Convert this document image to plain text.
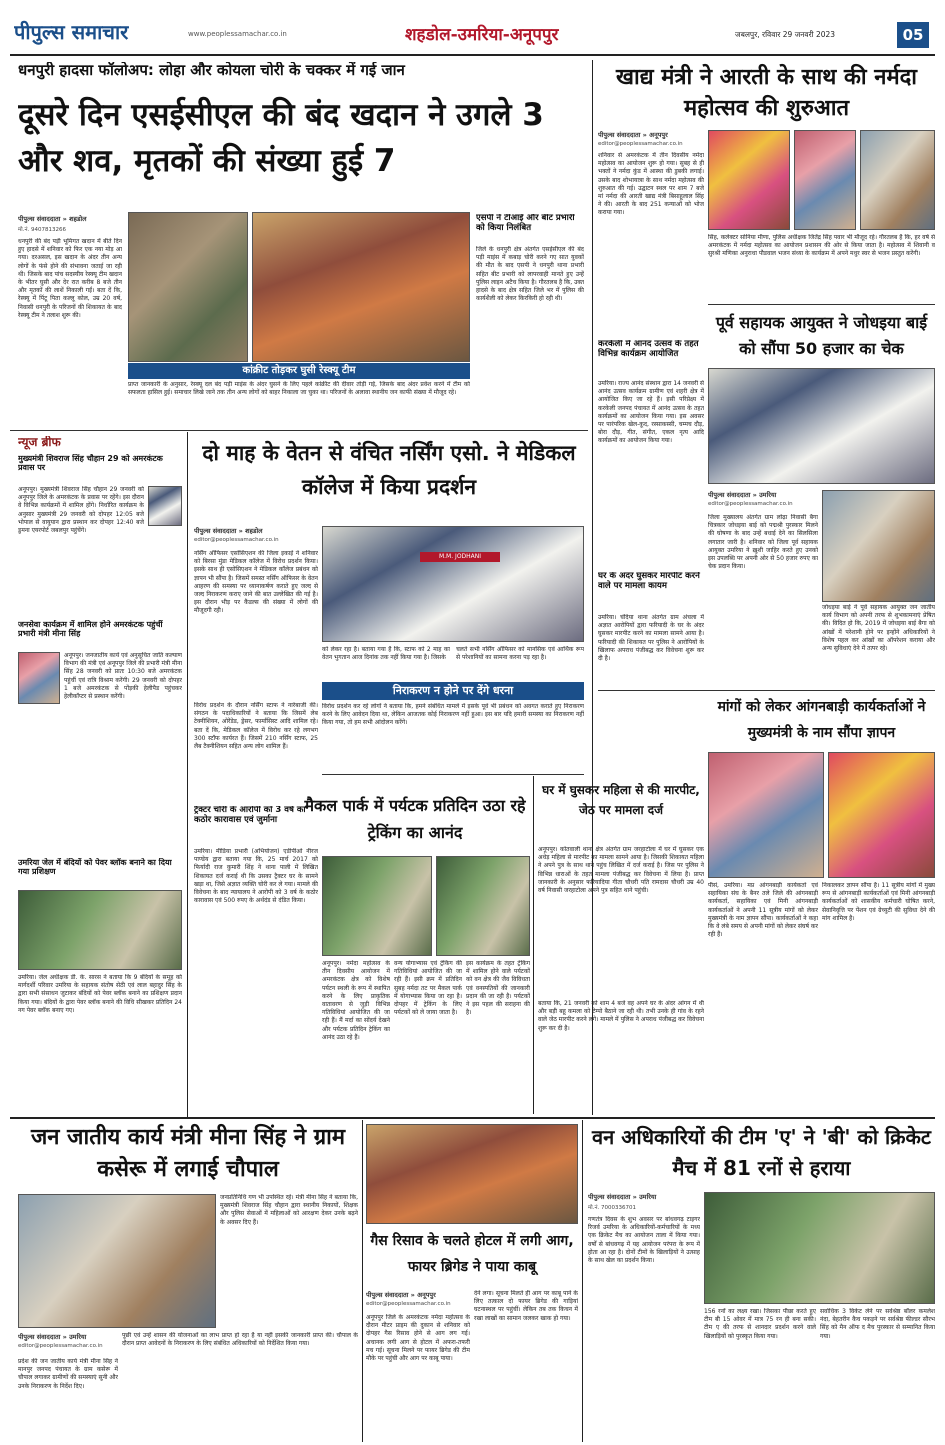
पीपुल्स समाचार	www.peoplessamachar.co.in	शहडोल-उमरिया-अनूपपुर	जबलपुर, रविवार 29 जनवरी 2023	05
धनपुरी हादसा फॉलोअप: लोहा और कोयला चोरी के चक्कर में गई जान
दूसरे दिन एसईसीएल की बंद खदान ने उगले 3 और शव, मृतकों की संख्या हुई 7
पीपुल्स संवाददाता » शहडोल
मो.नं. 9407813266
धनपुरी की बंद पड़ी भूमिगत खदान में बीते दिन हुए हादसे में शनिवार को फिर एक नया मोड़ आ गया। दरअसल, इस खदान के अंदर तीन अन्य लोगों के फंसे होने की संभावना जताई जा रही थी। जिसके बाद पांच सदस्यीय रेस्क्यू टीम खदान के भीतर घुसी और देर रात करीब 8 बजे तीन और मृतकों की लाशें निकाली गईं। बता दें कि, रेस्क्यू में पिंटू पिता कल्लू कोल, उम्र 20 वर्ष, निवासी धनपुरी के परिजनों की शिकायत के बाद रेस्क्यू टीम ने तलाश शुरू की।
कांक्रीट तोड़कर घुसी रेस्क्यू टीम
प्राप्त जानकारी के अनुसार, रेस्क्यू दल बंद पड़ी माइंस के अंदर घुसने के लिए पहले कांक्रीट की दीवार तोड़ी गई, जिसके बाद अंदर प्रवेश करने में टीम को सफलता हासिल हुई। समाचार लिखे जाने तक तीन अन्य लोगों को बाहर निकाला जा चुका था। परिजनों के अलावा स्थानीय जन काफी संख्या में मौजूद रहे।
एसपी ने टीआई और बीट प्रभारी को किया निलंबित
जिले के धनपुरी क्षेत्र अंतर्गत एसईसीएल की बंद पड़ी माइंस में कबाड़ चोरी करने गए सात युवकों की मौत के बाद एसपी ने धनपुरी थाना प्रभारी सहित बीट प्रभारी को लापरवाही मानते हुए उन्हें पुलिस लाइन अटैच किया है। गौरतलब है कि, उक्त हादसे के बाद क्षेत्र सहित जिले भर में पुलिस की कार्यशैली को लेकर किरकिरी हो रही थी।
खाद्य मंत्री ने आरती के साथ की नर्मदा महोत्सव की शुरुआत
पीपुल्स संवाददाता » अनूपपुर
editor@peoplessamachar.co.in
शनिवार से अमरकंटक में तीन दिवसीय नर्मदा महोत्सव का आयोजन शुरू हो गया। सुबह से ही भक्तों ने नर्मदा कुंड में आस्था की डुबकी लगाई। उसके बाद शोभायात्रा के साथ नर्मदा महोत्सव की शुरुआत की गई। उद्घाटन स्थल पर शाम 7 बजे मां नर्मदा की आरती खाद्य मंत्री बिसाहूलाल सिंह ने की। आरती के बाद 251 कन्याओं को भोज कराया गया।
सिंह, कलेक्टर सोनिया मीणा, पुलिस अधीक्षक जितेंद्र सिंह पवार भी मौजूद रहे। गौरतलब है कि, हर वर्ष से अमरकंटक में नर्मदा महोत्सव का आयोजन प्रशासन की ओर से किया जाता है। महोत्सव में शिवानी व सुरश्री मणिका अनुराधा पौडवाल भजन संध्या के कार्यक्रम में अपने मधुर स्वर से भजन प्रस्तुत करेंगी।
करकेली में आनंद उत्सव के तहत विभिन्न कार्यक्रम आयोजित
उमरिया। राज्य आनंद संस्थान द्वारा 14 जनवरी से आनंद उत्सव कार्यक्रम ग्रामीण एवं शहरी क्षेत्र में आयोजित किए जा रहे हैं। इसी परिप्रेक्ष्य में करकेली जनपद पंचायत में आनंद उत्सव के तहत कार्यक्रमों का आयोजन किया गया। इस अवसर पर पारंपरिक खेल-कूद, रस्साकस्सी, चम्मच दौड़, बोरा दौड़, गीत, संगीत, एकल नृत्य आदि कार्यक्रमों का आयोजन किया गया।
घर के अंदर घुसकर मारपीट करने वाले पर मामला कायम
उमरिया। चंदिया थाना अंतर्गत ग्राम अंचला में अज्ञात आरोपियों द्वारा फरियादी के घर के अंदर घुसकर मारपीट करने का मामला सामने आया है। फरियादी की शिकायत पर पुलिस ने आरोपियों के खिलाफ अपराध पंजीबद्ध कर विवेचना शुरू कर दी है।
पूर्व सहायक आयुक्त ने जोधइया बाई को सौंपा 50 हजार का चेक
पीपुल्स संवाददाता » उमरिया
editor@peoplessamachar.co.in
जिला मुख्यालय अंतर्गत ग्राम लोढ़ा निवासी बैगा चित्रकार जोधइया बाई को पद्मश्री पुरस्कार मिलने की घोषणा के बाद उन्हें बधाई देने का सिलसिला लगातार जारी है। शनिवार को जिला पूर्व सहायक आयुक्त उमरिया ने ख़ुशी जाहिर करते हुए उनको इस उपलब्धि पर अपनी ओर से 50 हजार रुपए का चेक प्रदान किया।
जोधइया बाई ने पूर्व सहायक आयुक्त जन जातीय कार्य विभाग को अपनी तरफ से शुभकामनाएं प्रेषित की। विदित हो कि, 2019 में जोधइया बाई बैगा को आंखों में परेशानी होने पर इन्होंने अधिकारियों ने विशेष पहल कर आंखों का ऑपरेशन कराया और अन्य सुविधाएं देने में तत्पर रहे।
मांगों को लेकर आंगनबाड़ी कार्यकर्ताओं ने मुख्यमंत्री के नाम सौंपा ज्ञापन
पीसं, उमरिया। मप्र आंगनबाड़ी कार्यकर्ता एवं सहायिका संघ के बैनर तले जिले की आंगनबाड़ी कार्यकर्ता, सहायिका एवं मिनी आंगनबाड़ी कार्यकर्ताओं ने अपनी 11 सूत्रीय मांगों को लेकर मुख्यमंत्री के नाम ज्ञापन सौंपा। कार्यकर्ताओं ने कहा कि वे लंबे समय से अपनी मांगों को लेकर संघर्ष कर रही हैं।
निकालकर ज्ञापन सौंपा है। 11 सूत्रीय मांगों में मुख्य रूप से आंगनबाड़ी कार्यकर्ताओं एवं मिनी आंगनबाड़ी कार्यकर्ताओं को शासकीय कर्मचारी घोषित करने, सेवानिवृत्ति पर पेंशन एवं ग्रेच्युटी की सुविधा देने की मांग शामिल है।
न्यूज ब्रीफ
मुख्यमंत्री शिवराज सिंह चौहान 29 को अमरकंटक प्रवास पर
अनूपपुर। मुख्यमंत्री शिवराज सिंह चौहान 29 जनवरी को अनूपपुर जिले के अमरकंटक के प्रवास पर रहेंगे। इस दौरान वे विभिन्न कार्यक्रमों में शामिल होंगे। निर्धारित कार्यक्रम के अनुसार मुख्यमंत्री 29 जनवरी को दोपहर 12:05 बजे भोपाल से वायुयान द्वारा प्रस्थान कर दोपहर 12:40 बजे डुमना एयरपोर्ट जबलपुर पहुंचेंगे।
जनसेवा कार्यक्रम में शामिल होने अमरकंटक पहुंचीं प्रभारी मंत्री मीना सिंह
अनूपपुर। जनजातीय कार्य एवं अनुसूचित जाति कल्याण विभाग की मंत्री एवं अनूपपुर जिले की प्रभारी मंत्री मीना सिंह 28 जनवरी को प्रातः 10:30 बजे अमरकंटक पहुंचीं एवं रात्रि विश्राम करेंगी। 29 जनवरी को दोपहर 1 बजे अमरकंटक से पोंड़की हेलीपैड पहुंचकर हेलीकॉप्टर से प्रस्थान करेंगी।
उमरिया जेल में बंदियों को पेवर ब्लॉक बनाने का दिया गया प्रशिक्षण
उमरिया। जेल अधीक्षक डी. के. सारस ने बताया कि 9 बंदियों के समूह को मार्गदर्शी परिवार उमरिया के सहायक संतोष सेठी एवं लाल बहादुर सिंह के द्वारा सभी संसाधन जुटाकर बंदियों को पेवर ब्लॉक बनाने का प्रशिक्षण प्रदान किया गया। बंदियों के द्वारा पेवर ब्लॉक बनाने की विधि सीखकर प्रतिदिन 24 नग पेवर ब्लॉक बनाए गए।
दो माह के वेतन से वंचित नर्सिंग एसो. ने मेडिकल कॉलेज में किया प्रदर्शन
पीपुल्स संवाददाता » शहडोल
editor@peoplessamachar.co.in
नर्सिंग ऑफिसर एसोसिएशन की जिला इकाई ने शनिवार को बिरसा मुंडा मेडिकल कॉलेज में विरोध प्रदर्शन किया। इसके साथ ही एसोसिएशन ने मेडिकल कॉलेज प्रबंधन को ज्ञापन भी सौंपा है। जिसमें समस्त नर्सिंग ऑफिसर के वेतन आहरण की समस्या पर ध्यानाकर्षण कराते हुए जल्द से जल्द निराकरण कराए जाने की बात उल्लेखित की गई है। इस दौरान भीड़ पर कैंडल्स की संख्या में लोगों की मौजूदगी रही।
M.M. JODHANI
को लेकर रहा है। बताया गया है कि, स्टाफ को 2 माह का वेतन भुगतान आज दिनांक तक नहीं किया गया है। जिसके
चलते सभी नर्सिंग ऑफिसर को मानसिक एवं आर्थिक रूप से परेशानियों का सामना करना पड़ रहा है।
निराकरण न होने पर देंगे धरना
विरोध प्रदर्शन कर रहे लोगों ने बताया कि, हमने संबंधित मामले में इसके पूर्व भी प्रबंधन को अवगत कराते हुए निराकरण करने के लिए आवेदन दिया था, लेकिन आजतक कोई निराकरण नहीं हुआ। इस बार यदि हमारी समस्या का निराकरण नहीं किया गया, तो हम सभी आंदोलन करेंगे।
विरोध प्रदर्शन के दौरान नर्सिंग स्टाफ ने नारेबाजी की। संगठन के पदाधिकारियों ने बताया कि जिसमें लेब टेक्नीशियन, ओरेंडेड, ड्रेसर, फार्मासिस्ट आदि शामिल रहे। बता दें कि, मेडिकल कॉलेज में विरोध कर रहे लगभग 300 स्टॉफ कार्यरत हैं। जिसमें 210 नर्सिंग स्टाफ, 25 लैब टैक्नीशियन सहित अन्य लोग शामिल हैं।
ट्रैक्टर चोरी के आरोपी को 3 वर्ष का कठोर कारावास एवं जुर्माना
उमरिया। मीडिया प्रभारी (अभियोजन) एडीपीओ नीरज पाण्डेय द्वारा बताया गया कि, 25 मार्च 2017 को फिर्यादी राज कुमारी शिंह ने थाना पाली में लिखित शिकायत दर्ज कराई थी कि उसका ट्रैक्टर घर के सामने खड़ा था, जिसे अज्ञात व्यक्ति चोरी कर ले गया। मामले की विवेचना के बाद न्यायालय ने आरोपी को 3 वर्ष के कठोर कारावास एवं 500 रुपए के अर्थदंड से दंडित किया।
मैकल पार्क में पर्यटक प्रतिदिन उठा रहे ट्रेकिंग का आनंद
अनूपपुर। नर्मदा महोत्सव के तीन दिवसीय आयोजन में अमरकंटक क्षेत्र को विशेष पर्यटन स्थली के रूप में स्थापित करने के लिए प्राकृतिक वातावरण से जुड़ी विभिन्न गतिविधियां आयोजित की जा रही हैं। मैं मर्दा का सोंदर्य देखने और पर्यटक प्रतिदिन ट्रेकिंग का आनंद उठा रहे हैं।
वन्य योगाभ्यास एवं ट्रेकिंग की गतिविधियां आयोजित की जा रही हैं। इसी क्रम में प्रतिदिन सुबह नर्मदा तट पर मैकल पार्क में योगाभ्यास किया जा रहा है। दोपहर में ट्रेकिंग के लिए पर्यटकों को ले जाया जाता है।
इस कार्यक्रम के तहत ट्रेकिंग में शामिल होने वाले पर्यटकों को वन क्षेत्र की जैव विविधता एवं वनस्पतियों की जानकारी प्रदान की जा रही है। पर्यटकों ने इस पहल की सराहना की है।
घर में घुसकर महिला से की मारपीट, जेठ पर मामला दर्ज
अनूपपुर। कोतवाली थाना क्षेत्र अंतर्गत ग्राम जरहाटोला में घर में घुसकर एक अधेड़ महिला से मारपीट का मामला सामने आया है। जिसकी शिकायत महिला ने अपने पुत्र के साथ थाने पहुंच लिखित में दर्ज कराई है। जिस पर पुलिस ने विभिन्न धाराओं के तहत मामला पंजीबद्ध कर विवेचना में लिया है। प्राप्त जानकारी के अनुसार फरियादिया गीता चौधरी पति रामदास चौधरी उम्र 40 वर्ष निवासी जरहाटोला अपने पुत्र सहित थाने पहुंची।
बताया कि, 21 जनवरी को शाम 4 बजे वह अपने घर के अंदर आंगन में थी और बड़ी बहू कमला को टेम्पो बैठाने जा रही थी। तभी उनके ही गांव के रहने वाले जेठ मारपीट करने लगे। मामले में पुलिस ने अपराध पंजीबद्ध कर विवेचना शुरू कर दी है।
जन जातीय कार्य मंत्री मीना सिंह ने ग्राम कसेरू में लगाई चौपाल
पीपुल्स संवाददाता » उमरिया
editor@peoplessamachar.co.in
प्रदेश की जन जातीय कार्य मंत्री मीना सिंह ने मानपुर जनपद पंचायत के ग्राम कसेरू में चौपाल लगाकर ग्रामीणों की समस्याएं सुनी और उनके निराकरण के निर्देश दिए।
जनप्रतिनिधि गण भी उपस्थित रहे। मंत्री मीना सिंह ने बताया कि, मुख्यमंत्री शिवराज सिंह चौहान द्वारा स्थानीय निकायों, शिक्षक और पुलिस सेवाओं में महिलाओं को आरक्षण देकर उनके बढ़ने के अवसर दिए हैं।
पूछी एवं उन्हें शासन की योजनाओं का लाभ प्राप्त हो रहा है या नहीं इसकी जानकारी प्राप्त की। चौपाल के दौरान प्राप्त आवेदनों के निराकरण के लिए संबंधित अधिकारियों को निर्देशित किया गया।
गैस रिसाव के चलते होटल में लगी आग, फायर ब्रिगेड ने पाया काबू
पीपुल्स संवाददाता » अनूपपुर
editor@peoplessamachar.co.in
अनूपपुर जिले के अमरकंटक नर्मदा महोत्सव के दौरान मीटर प्राइम की दुकान से शनिवार को दोपहर गैस रिसाव होने से आग लग गई। अचानक लगी आग से होटल में अफरा-तफरी मच गई। सूचना मिलने पर फायर ब्रिगेड की टीम मौके पर पहुंची और आग पर काबू पाया।
देने लगा। सूचना मिलते ही आग पर काबू पाने के लिए तत्काल दो फायर ब्रिगेड की गाड़ियां घटनास्थल पर पहुंचीं। लेकिन तब तक किचन में रखा लाखों का सामान जलकर खाक हो गया।
वन अधिकारियों की टीम 'ए' ने 'बी' को क्रिकेट मैच में 81 रनों से हराया
पीपुल्स संवाददाता » उमरिया
मो.नं. 7000336701
गणतंत्र दिवस के शुभ अवसर पर बांधवगढ़ टाइगर रिजर्व उमरिया के अधिकारियों-कर्मचारियों के मध्य एक क्रिकेट मैच का आयोजन ताला में किया गया। वर्षों से बांधवगढ़ में यह आयोजन परंपरा के रूप में होता आ रहा है। दोनों टीमों के खिलाड़ियों ने उत्साह के साथ खेल का प्रदर्शन किया।
156 रनों का लक्ष्य रखा। जिसका पीछा करते हुए टीम बी 15 ओवर में मात्र 75 रन ही बना सकी। टीम ए की तरफ से शानदार प्रदर्शन करने वाले खिलाड़ियों को पुरस्कृत किया गया।
सर्वाधिक 3 विकेट लेने पर सर्वश्रेष्ठ बॉलर कमलेश नंदा, बेहतरीन कैच पकड़ने पर सर्वश्रेष्ठ फील्डर सौरभ सिंह को मैन ऑफ द मैच पुरस्कार से सम्मानित किया गया।
